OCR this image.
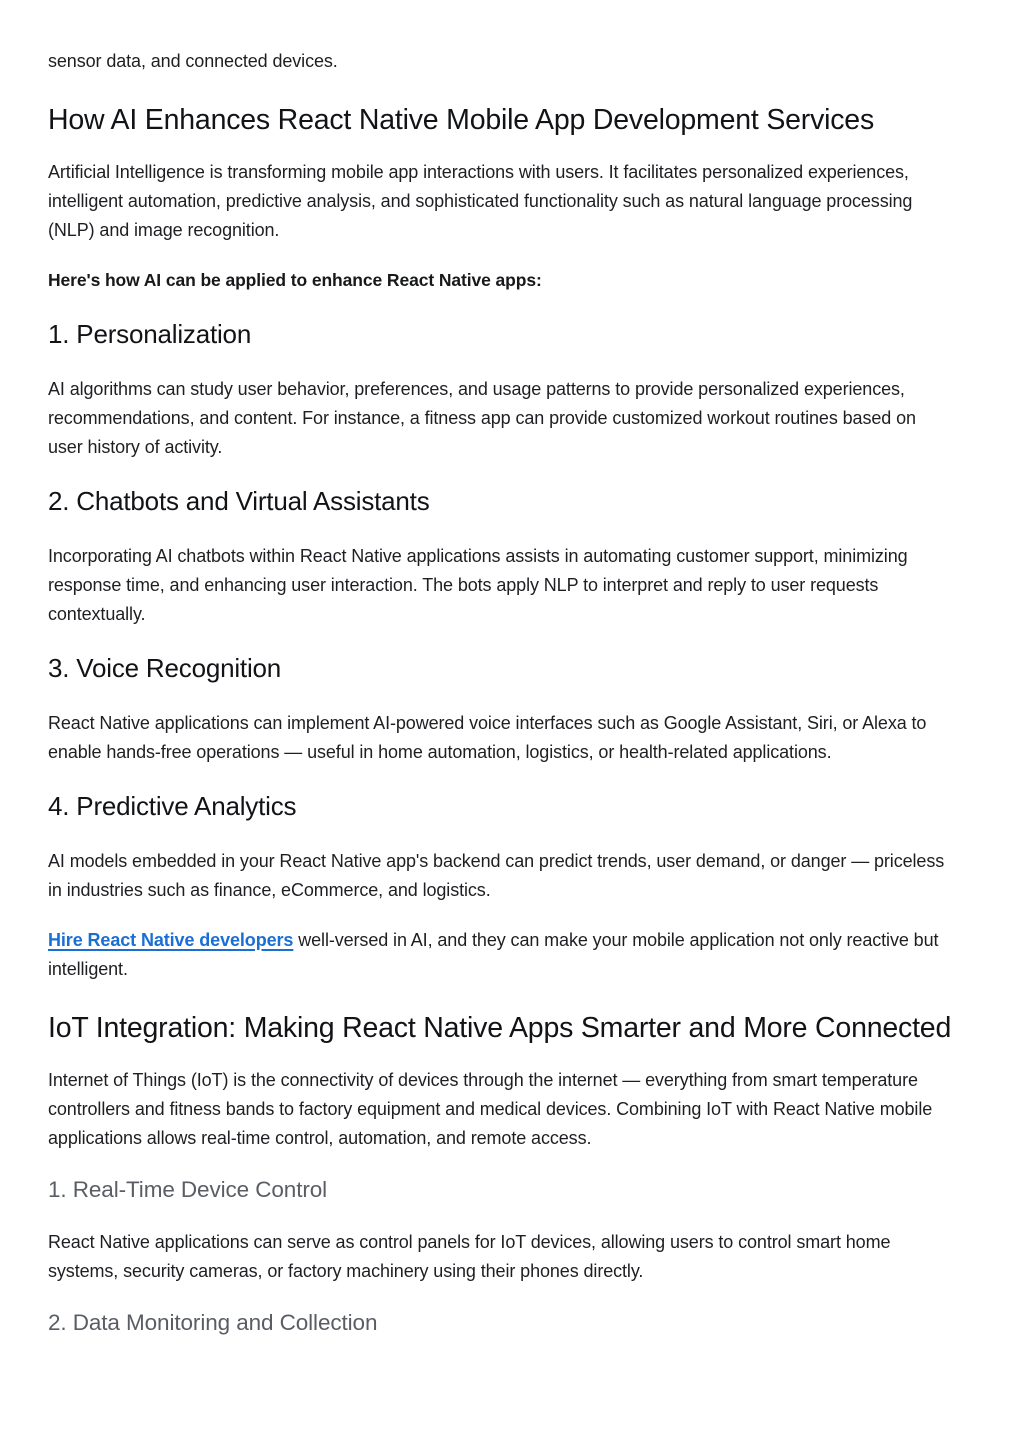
sensor data, and connected devices.

How AI Enhances React Native Mobile App Development Services

Artificial Intelligence is transforming mobile app interactions with users. It facilitates personalized experiences, intelligent automation, predictive analysis, and sophisticated functionality such as natural language processing (NLP) and image recognition.

Here's how AI can be applied to enhance React Native apps:

1. Personalization

AI algorithms can study user behavior, preferences, and usage patterns to provide personalized experiences, recommendations, and content. For instance, a fitness app can provide customized workout routines based on user history of activity.

2. Chatbots and Virtual Assistants

Incorporating AI chatbots within React Native applications assists in automating customer support, minimizing response time, and enhancing user interaction. The bots apply NLP to interpret and reply to user requests contextually.

3. Voice Recognition

React Native applications can implement AI-powered voice interfaces such as Google Assistant, Siri, or Alexa to enable hands-free operations — useful in home automation, logistics, or health-related applications.

4. Predictive Analytics

AI models embedded in your React Native app's backend can predict trends, user demand, or danger — priceless in industries such as finance, eCommerce, and logistics.

Hire React Native developers well-versed in AI, and they can make your mobile application not only reactive but intelligent.

IoT Integration: Making React Native Apps Smarter and More Connected

Internet of Things (IoT) is the connectivity of devices through the internet — everything from smart temperature controllers and fitness bands to factory equipment and medical devices. Combining IoT with React Native mobile applications allows real-time control, automation, and remote access.

1. Real-Time Device Control

React Native applications can serve as control panels for IoT devices, allowing users to control smart home systems, security cameras, or factory machinery using their phones directly.

2. Data Monitoring and Collection
